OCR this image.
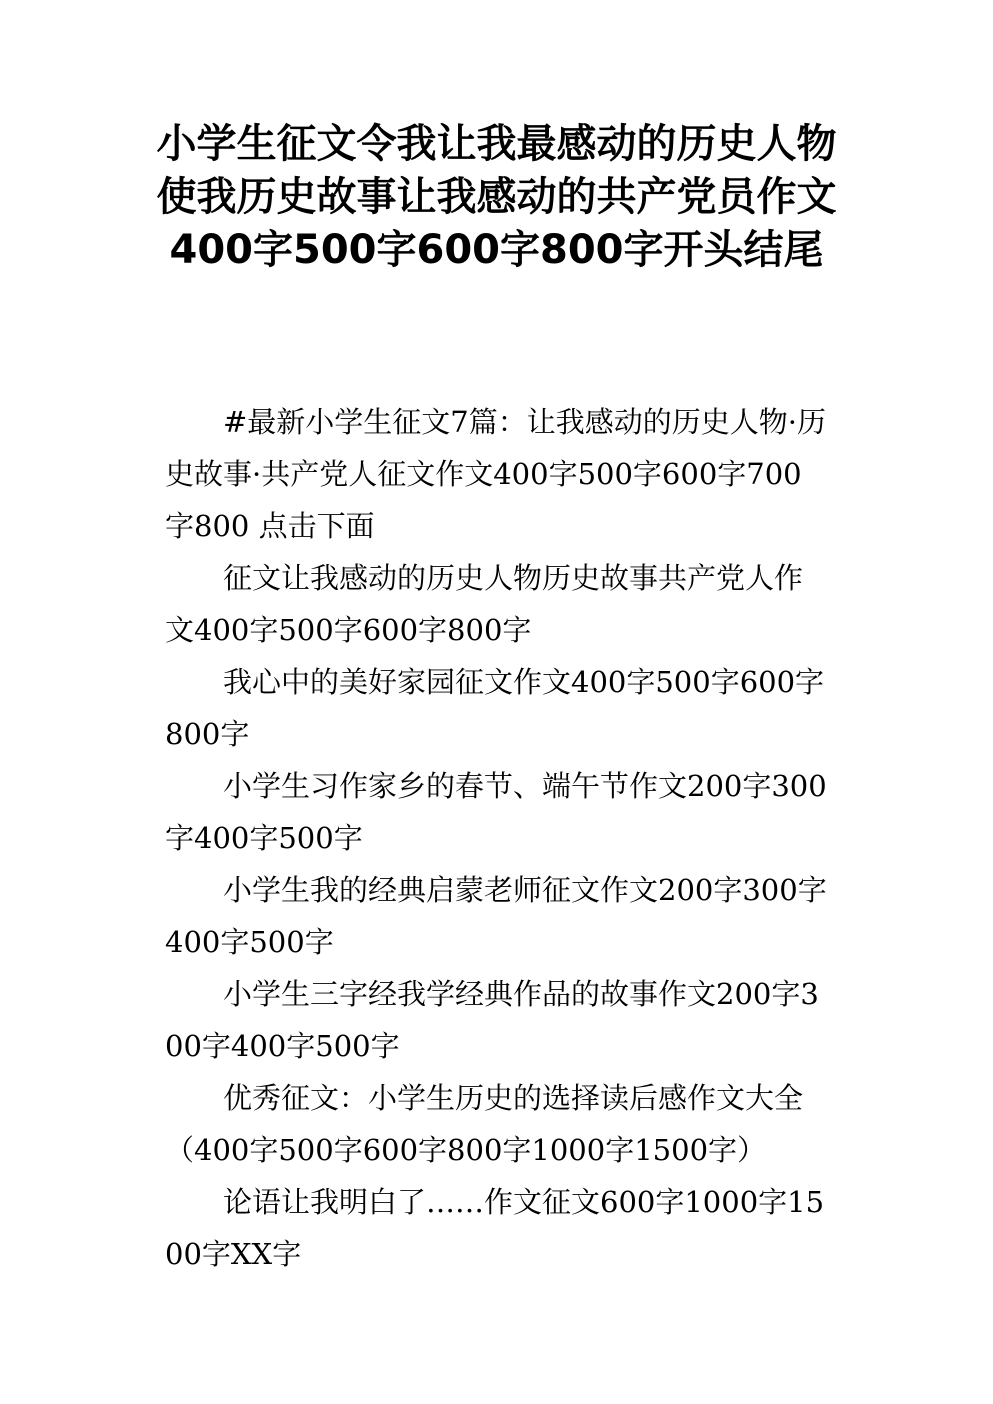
小学生征文令我让我最感动的历史人物使我历史故事让我感动的共产党员作文400字500字600字800字开头结尾

#最新小学生征文7篇：让我感动的历史人物·历史故事·共产党人征文作文400字500字600字700字800 点击下面

征文让我感动的历史人物历史故事共产党人作文400字500字600字800字

我心中的美好家园征文作文400字500字600字800字

小学生习作家乡的春节、端午节作文200字300字400字500字

小学生我的经典启蒙老师征文作文200字300字400字500字

小学生三字经我学经典作品的故事作文200字300字400字500字

优秀征文：小学生历史的选择读后感作文大全（400字500字600字800字1000字1500字）

论语让我明白了……作文征文600字1000字1500字XX字
